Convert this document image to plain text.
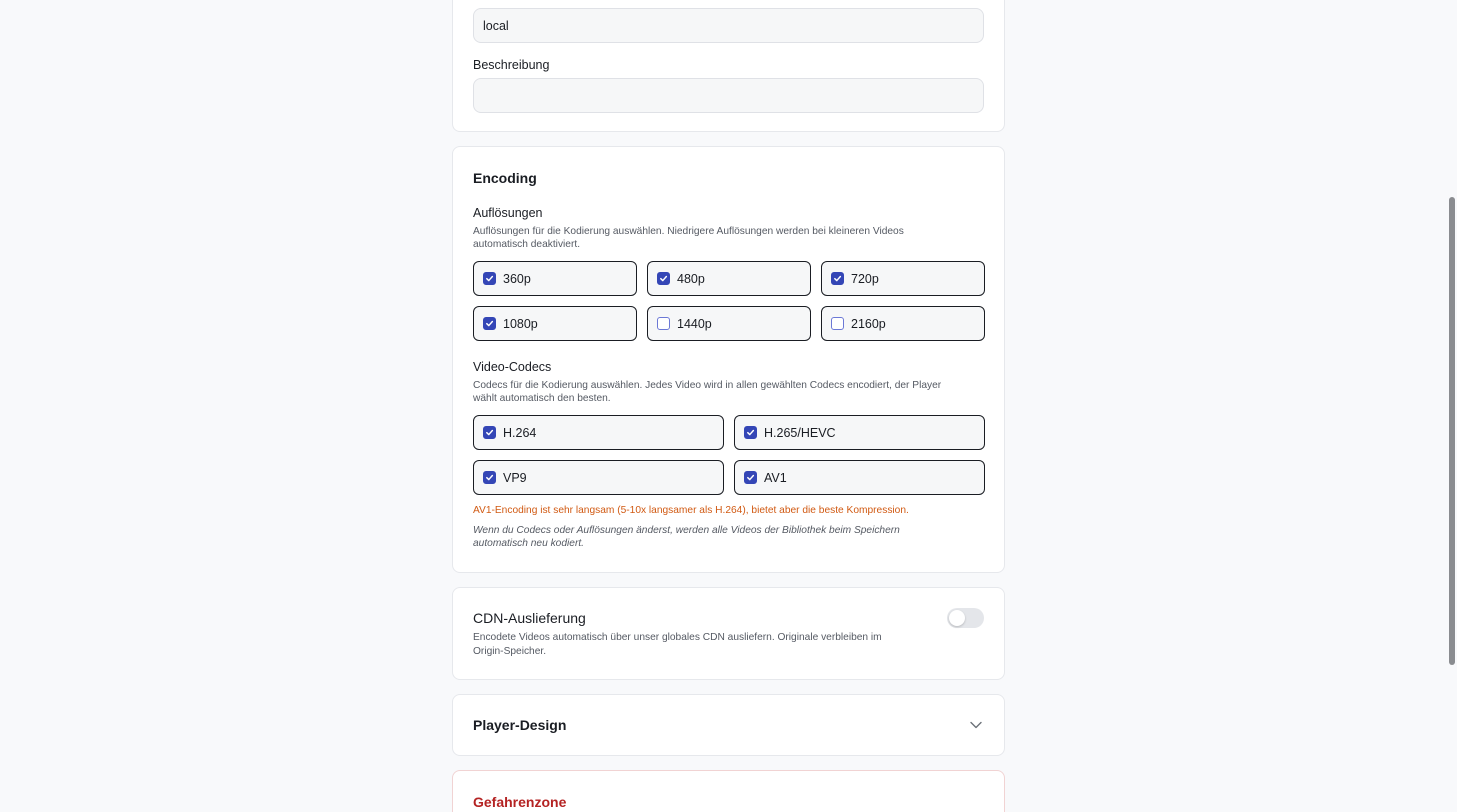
local
Beschreibung
Encoding
Auflösungen
Auflösungen für die Kodierung auswählen. Niedrigere Auflösungen werden bei kleineren Videos automatisch deaktiviert.
360p	480p	720p
1080p	1440p	2160p
Video-Codecs
Codecs für die Kodierung auswählen. Jedes Video wird in allen gewählten Codecs encodiert, der Player wählt automatisch den besten.
H.264	H.265/HEVC
VP9	AV1

AV1-Encoding ist sehr langsam (5-10x langsamer als H.264), bietet aber die beste Kompression.

Wenn du Codecs oder Auflösungen änderst, werden alle Videos der Bibliothek beim Speichern automatisch neu kodiert.

CDN-Auslieferung

Encodete Videos automatisch über unser globales CDN ausliefern. Originale verbleiben im Origin-Speicher.

Player-Design
Gefahrenzone
